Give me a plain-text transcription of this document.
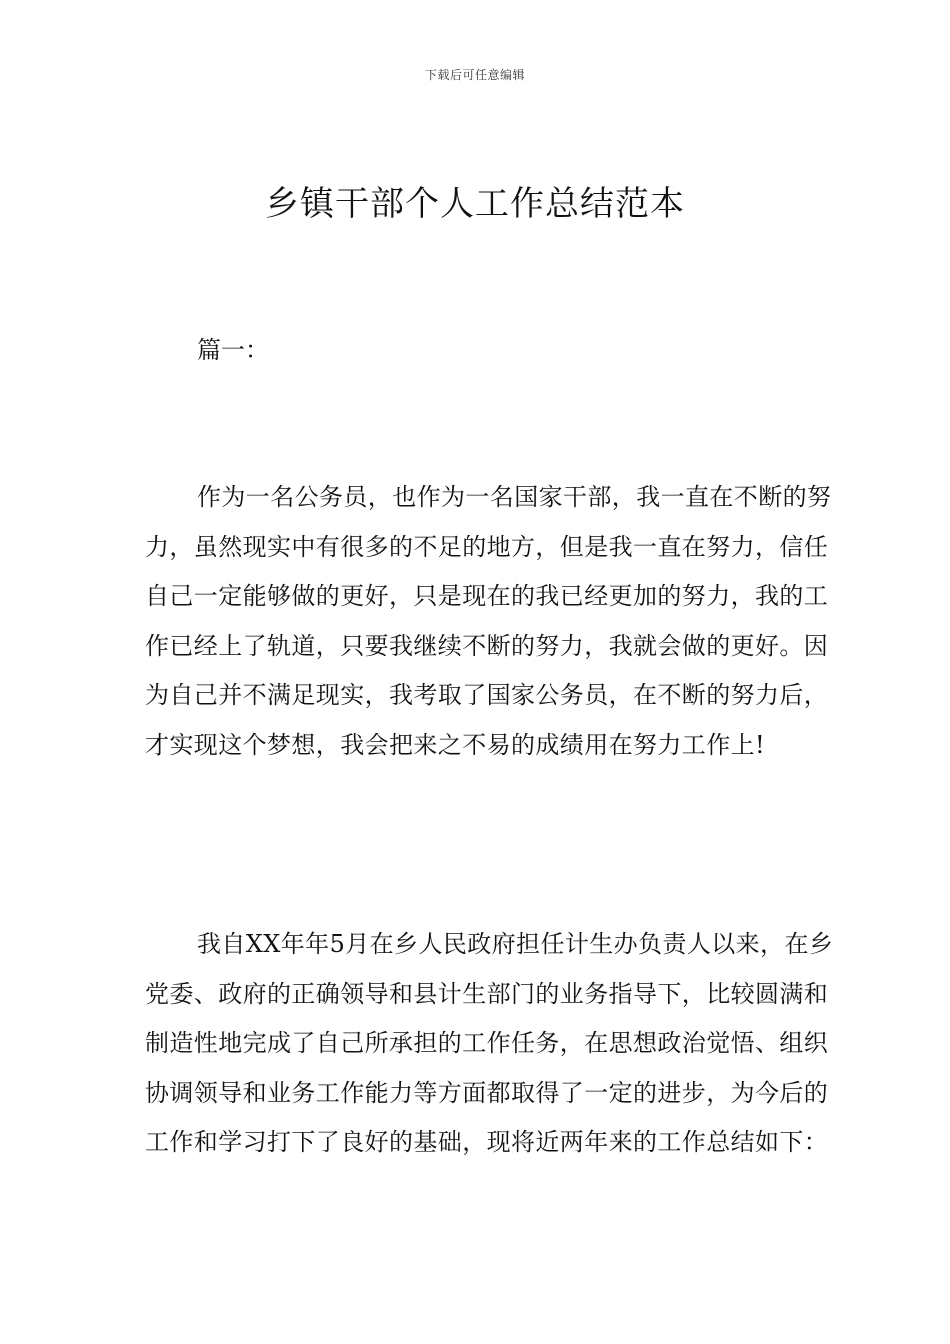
下载后可任意编辑
乡镇干部个人工作总结范本
篇一：

作为一名公务员，也作为一名国家干部，我一直在不断的努力，虽然现实中有很多的不足的地方，但是我一直在努力，信任自己一定能够做的更好，只是现在的我已经更加的努力，我的工作已经上了轨道，只要我继续不断的努力，我就会做的更好。因为自己并不满足现实，我考取了国家公务员，在不断的努力后，才实现这个梦想，我会把来之不易的成绩用在努力工作上!

我自XX年年5月在乡人民政府担任计生办负责人以来，在乡党委、政府的正确领导和县计生部门的业务指导下，比较圆满和制造性地完成了自己所承担的工作任务，在思想政治觉悟、组织协调领导和业务工作能力等方面都取得了一定的进步，为今后的工作和学习打下了良好的基础，现将近两年来的工作总结如下：
